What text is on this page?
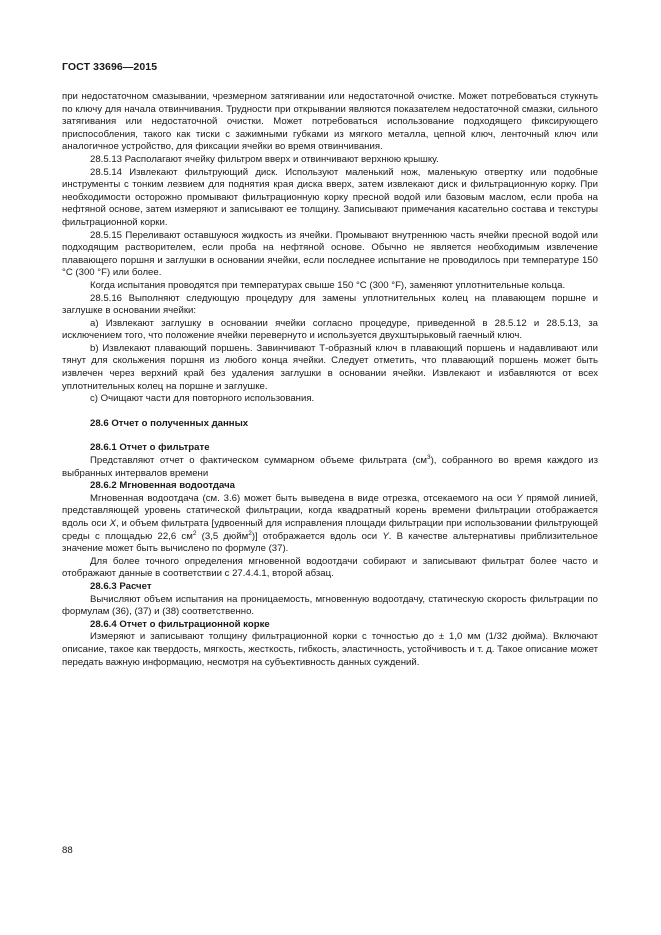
ГОСТ 33696—2015

при недостаточном смазывании, чрезмерном затягивании или недостаточной очистке. Может потребоваться стукнуть по ключу для начала отвинчивания. Трудности при открывании являются показателем недостаточной смазки, сильного затягивания или недостаточной очистки. Может потребоваться использование подходящего фиксирующего приспособления, такого как тиски с зажимными губками из мягкого металла, цепной ключ, ленточный ключ или аналогичное устройство, для фиксации ячейки во время отвинчивания.

28.5.13 Располагают ячейку фильтром вверх и отвинчивают верхнюю крышку.

28.5.14 Извлекают фильтрующий диск. Используют маленький нож, маленькую отвертку или подобные инструменты с тонким лезвием для поднятия края диска вверх, затем извлекают диск и фильтрационную корку. При необходимости осторожно промывают фильтрационную корку пресной водой или базовым маслом, если проба на нефтяной основе, затем измеряют и записывают ее толщину. Записывают примечания касательно состава и текстуры фильтрационной корки.

28.5.15 Переливают оставшуюся жидкость из ячейки. Промывают внутреннюю часть ячейки пресной водой или подходящим растворителем, если проба на нефтяной основе. Обычно не является необходимым извлечение плавающего поршня и заглушки в основании ячейки, если последнее испытание не проводилось при температуре 150 °С (300 °F) или более.

Когда испытания проводятся при температурах свыше 150 °С (300 °F), заменяют уплотнительные кольца.

28.5.16 Выполняют следующую процедуру для замены уплотнительных колец на плавающем поршне и заглушке в основании ячейки:

а) Извлекают заглушку в основании ячейки согласно процедуре, приведенной в 28.5.12 и 28.5.13, за исключением того, что положение ячейки перевернуто и используется двухштырьковый гаечный ключ.

b) Извлекают плавающий поршень. Завинчивают Т-образный ключ в плавающий поршень и надавливают или тянут для скольжения поршня из любого конца ячейки. Следует отметить, что плавающий поршень может быть извлечен через верхний край без удаления заглушки в основании ячейки. Извлекают и избавляются от всех уплотнительных колец на поршне и заглушке.

с) Очищают части для повторного использования.

28.6 Отчет о полученных данных

28.6.1 Отчет о фильтрате

Представляют отчет о фактическом суммарном объеме фильтрата $(см^3)$, собранного во время каждого из выбранных интервалов времени

28.6.2 Мгновенная водоотдача

Мгновенная водоотдача (см. 3.6) может быть выведена в виде отрезка, отсекаемого на оси Y прямой линией, представляющей уровень статической фильтрации, когда квадратный корень времени фильтрации отображается вдоль оси X, и объем фильтрата [удвоенный для исправления площади фильтрации при использовании фильтрующей среды с площадью 22,6 $см^2$ (3,5 дюйм$^2$)] отображается вдоль оси Y. В качестве альтернативы приблизительное значение может быть вычислено по формуле (37).

Для более точного определения мгновенной водоотдачи собирают и записывают фильтрат более часто и отображают данные в соответствии с 27.4.4.1, второй абзац.

28.6.3 Расчет

Вычисляют объем испытания на проницаемость, мгновенную водоотдачу, статическую скорость фильтрации по формулам (36), (37) и (38) соответственно.

28.6.4 Отчет о фильтрационной корке

Измеряют и записывают толщину фильтрационной корки с точностью до ± 1,0 мм (1/32 дюйма). Включают описание, такое как твердость, мягкость, жесткость, гибкость, эластичность, устойчивость и т. д. Такое описание может передать важную информацию, несмотря на субъективность данных суждений.

88
